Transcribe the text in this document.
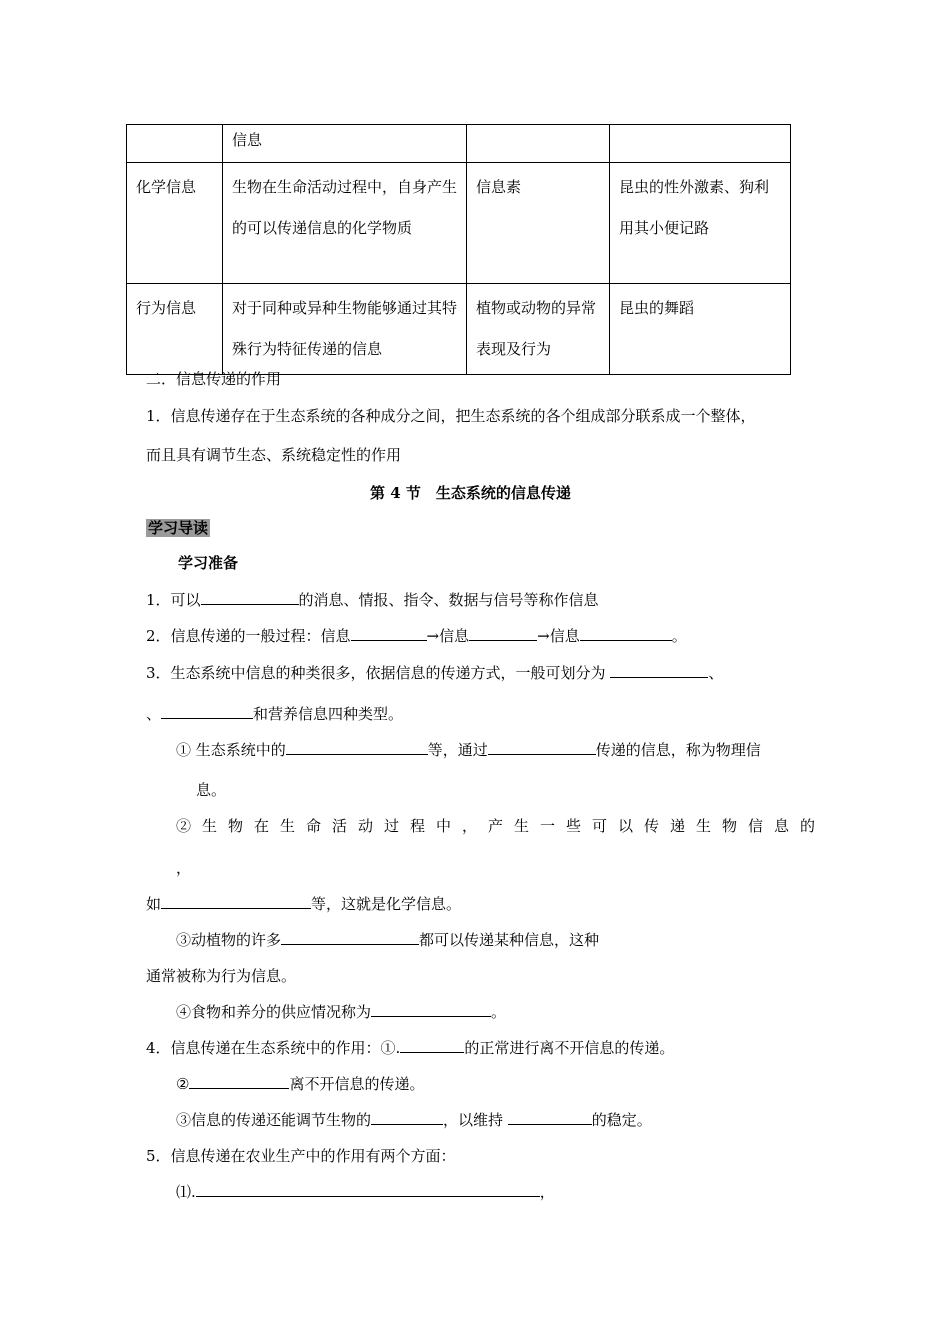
	信息		
化学信息	生物在生命活动过程中，自身产生的可以传递信息的化学物质	信息素	昆虫的性外激素、狗利用其小便记路
行为信息	对于同种或异种生物能够通过其特殊行为特征传递的信息	植物或动物的异常表现及行为	昆虫的舞蹈
二．信息传递的作用
1．信息传递存在于生态系统的各种成分之间，把生态系统的各个组成部分联系成一个整体，
而且具有调节生态、系统稳定性的作用
第 4 节　生态系统的信息传递
学习导读
学习准备
1．可以	的消息、情报、指令、数据与信号等称作信息
2．信息传递的一般过程：信息	→信息	→信息	。
3．生态系统中信息的种类很多，依据信息的传递方式，一般可划分为	、
、	和营养信息四种类型。
① 生态系统中的	等，通过	传递的信息，称为物理信
息。
②生物在生命活动过程中，产生一些可以传递生物信息的
，
如	等，这就是化学信息。
③动植物的许多	都可以传递某种信息，这种
通常被称为行为信息。
④食物和养分的供应情况称为	。
4．信息传递在生态系统中的作用：①.	的正常进行离不开信息的传递。
②	离不开信息的传递。
③信息的传递还能调节生物的	，以维持	的稳定。
5．信息传递在农业生产中的作用有两个方面：
⑴.	，
